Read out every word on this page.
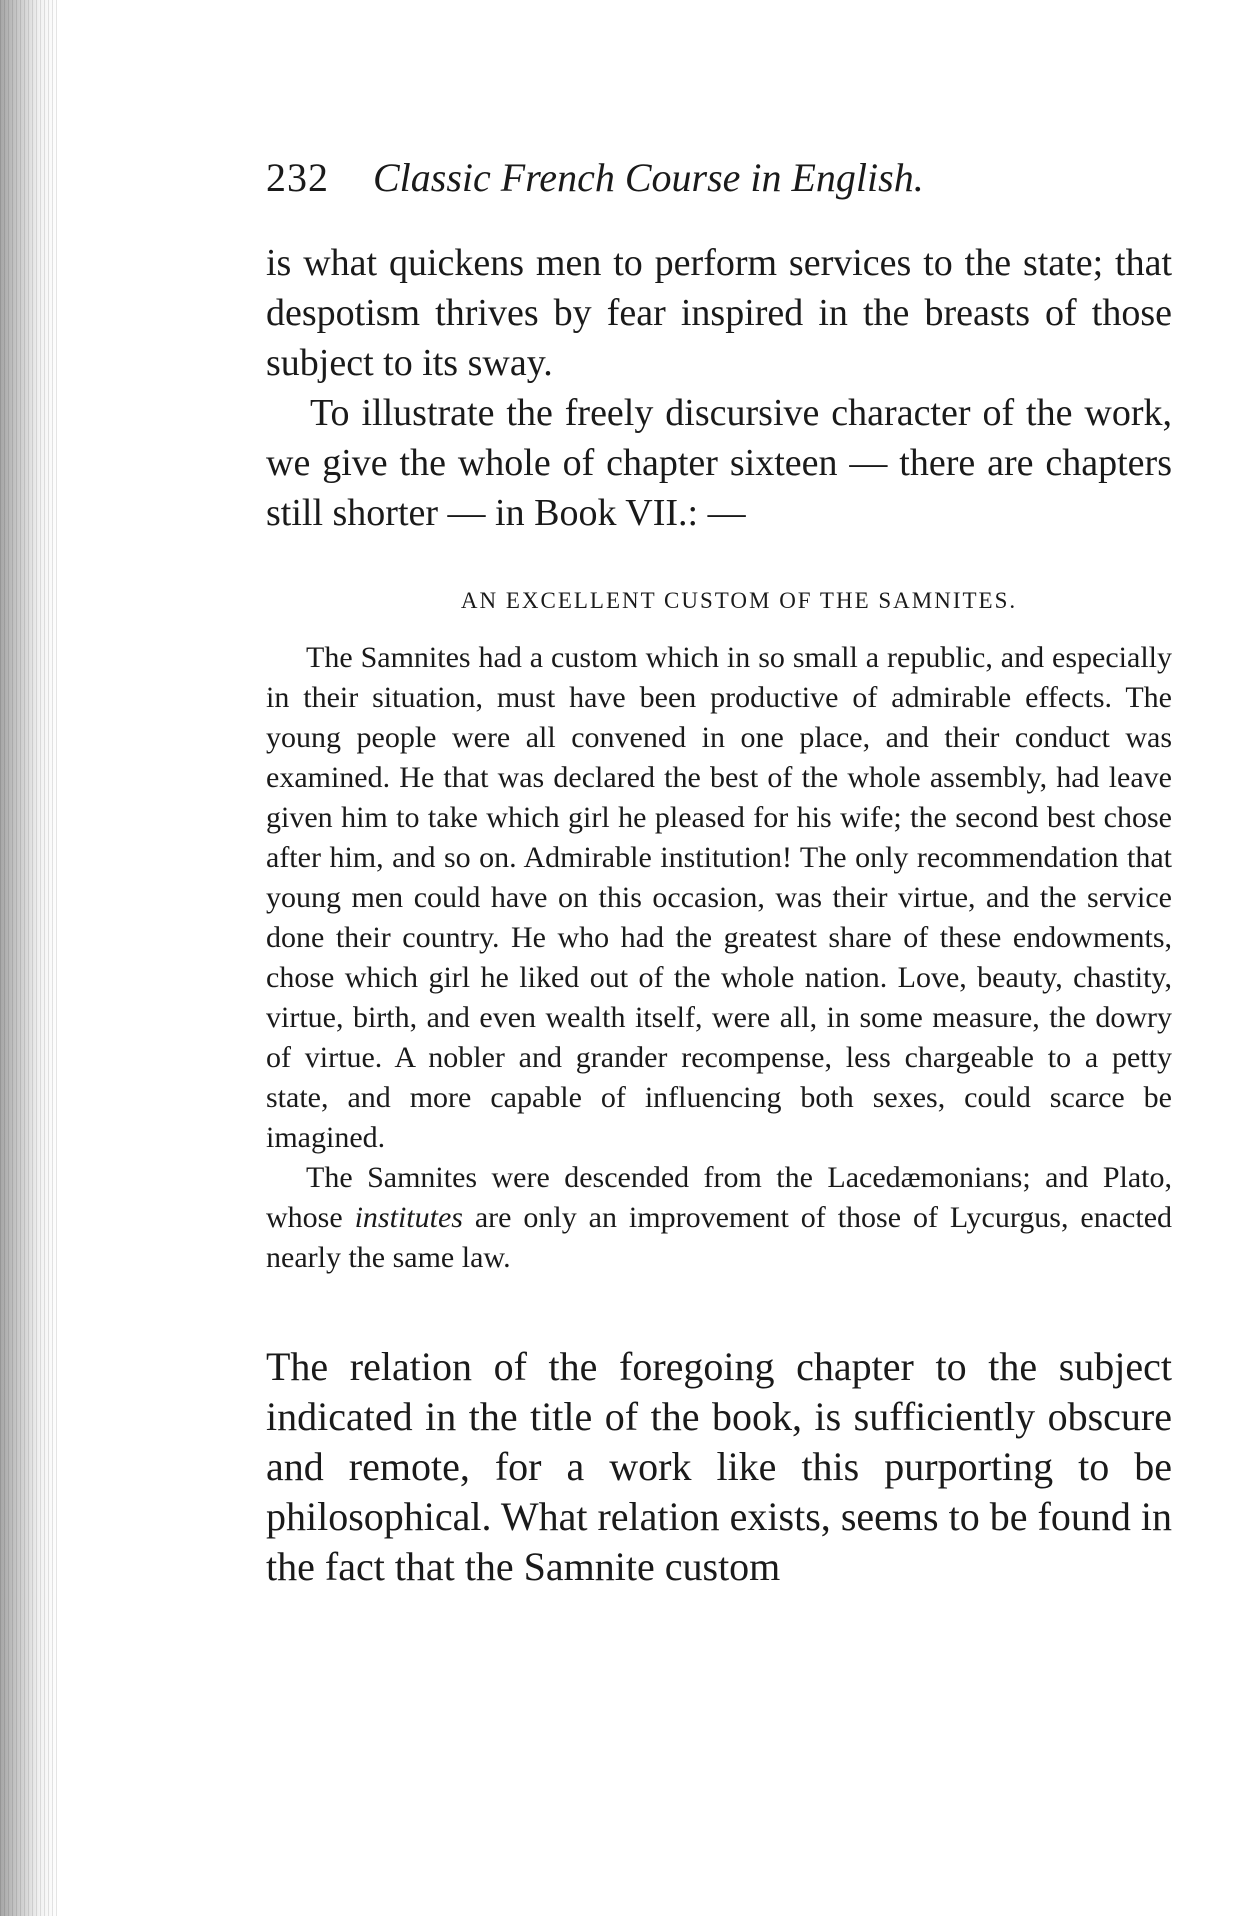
232 Classic French Course in English.

is what quickens men to perform services to the state; that despotism thrives by fear inspired in the breasts of those subject to its sway.

To illustrate the freely discursive character of the work, we give the whole of chapter sixteen — there are chapters still shorter — in Book VII.: —

AN EXCELLENT CUSTOM OF THE SAMNITES.

The Samnites had a custom which in so small a republic, and especially in their situation, must have been productive of admirable effects. The young people were all convened in one place, and their conduct was examined. He that was declared the best of the whole assembly, had leave given him to take which girl he pleased for his wife; the second best chose after him, and so on. Admirable institution! The only recommendation that young men could have on this occasion, was their virtue, and the service done their country. He who had the greatest share of these endowments, chose which girl he liked out of the whole nation. Love, beauty, chastity, virtue, birth, and even wealth itself, were all, in some measure, the dowry of virtue. A nobler and grander recompense, less chargeable to a petty state, and more capable of influencing both sexes, could scarce be imagined.

The Samnites were descended from the Lacedæmonians; and Plato, whose institutes are only an improvement of those of Lycurgus, enacted nearly the same law.

The relation of the foregoing chapter to the subject indicated in the title of the book, is sufficiently obscure and remote, for a work like this purporting to be philosophical. What relation exists, seems to be found in the fact that the Samnite custom
